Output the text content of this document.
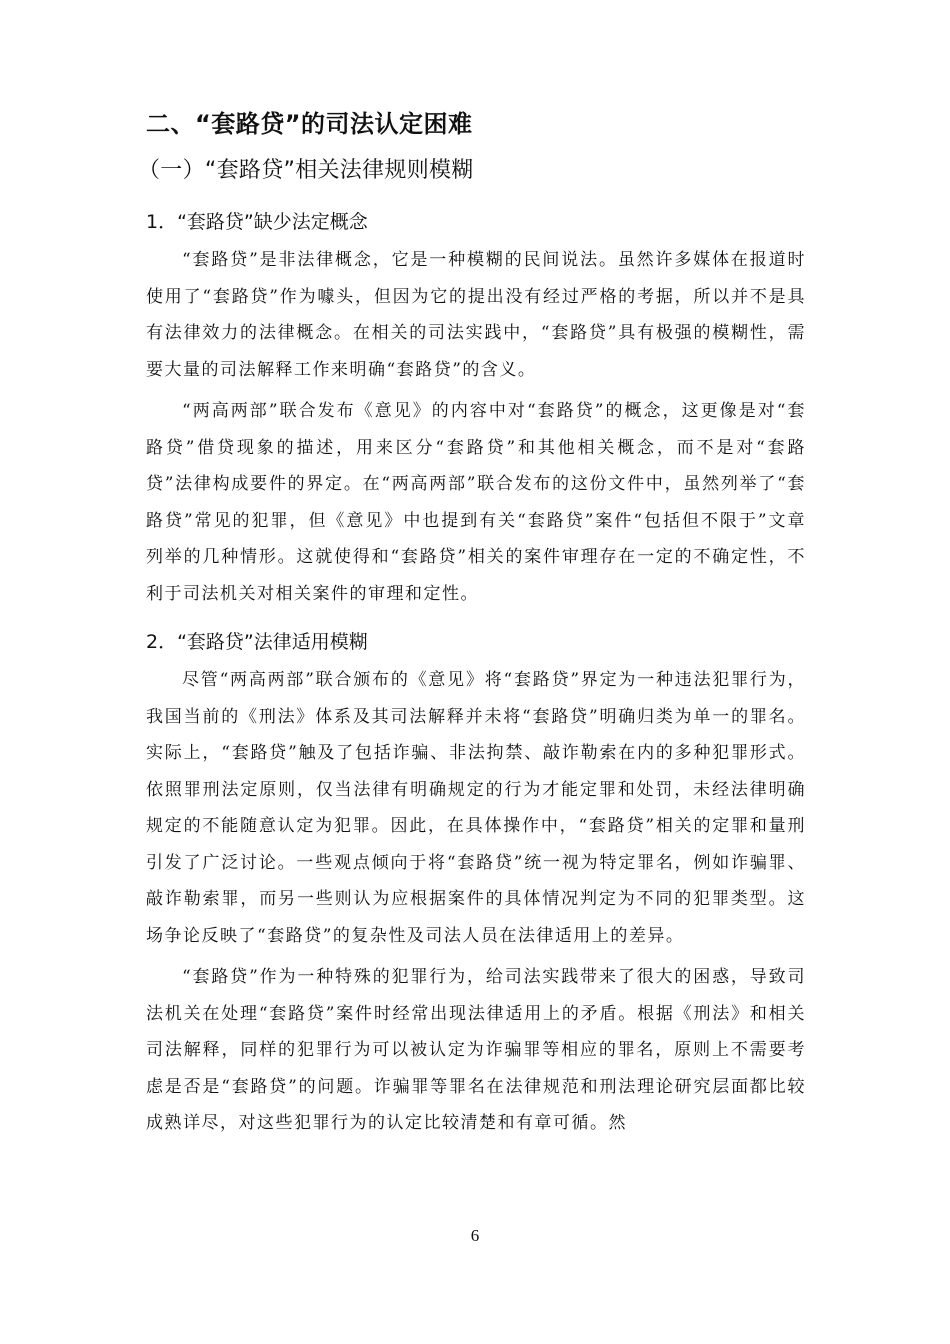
二、“套路贷”的司法认定困难
（一）“套路贷”相关法律规则模糊
1．“套路贷”缺少法定概念

“套路贷”是非法律概念，它是一种模糊的民间说法。虽然许多媒体在报道时使用了“套路贷”作为噱头，但因为它的提出没有经过严格的考据，所以并不是具有法律效力的法律概念。在相关的司法实践中，“套路贷”具有极强的模糊性，需要大量的司法解释工作来明确“套路贷”的含义。

“两高两部”联合发布《意见》的内容中对“套路贷”的概念，这更像是对“套路贷”借贷现象的描述，用来区分“套路贷”和其他相关概念，而不是对“套路贷”法律构成要件的界定。在“两高两部”联合发布的这份文件中，虽然列举了“套路贷”常见的犯罪，但《意见》中也提到有关“套路贷”案件“包括但不限于”文章列举的几种情形。这就使得和“套路贷”相关的案件审理存在一定的不确定性，不利于司法机关对相关案件的审理和定性。

2．“套路贷”法律适用模糊

尽管“两高两部”联合颁布的《意见》将“套路贷”界定为一种违法犯罪行为，我国当前的《刑法》体系及其司法解释并未将“套路贷”明确归类为单一的罪名。实际上，“套路贷”触及了包括诈骗、非法拘禁、敲诈勒索在内的多种犯罪形式。依照罪刑法定原则，仅当法律有明确规定的行为才能定罪和处罚，未经法律明确规定的不能随意认定为犯罪。因此，在具体操作中，“套路贷”相关的定罪和量刑引发了广泛讨论。一些观点倾向于将“套路贷”统一视为特定罪名，例如诈骗罪、敲诈勒索罪，而另一些则认为应根据案件的具体情况判定为不同的犯罪类型。这场争论反映了“套路贷”的复杂性及司法人员在法律适用上的差异。

“套路贷”作为一种特殊的犯罪行为，给司法实践带来了很大的困惑，导致司法机关在处理“套路贷”案件时经常出现法律适用上的矛盾。根据《刑法》和相关司法解释，同样的犯罪行为可以被认定为诈骗罪等相应的罪名，原则上不需要考虑是否是“套路贷”的问题。诈骗罪等罪名在法律规范和刑法理论研究层面都比较成熟详尽，对这些犯罪行为的认定比较清楚和有章可循。然

6
